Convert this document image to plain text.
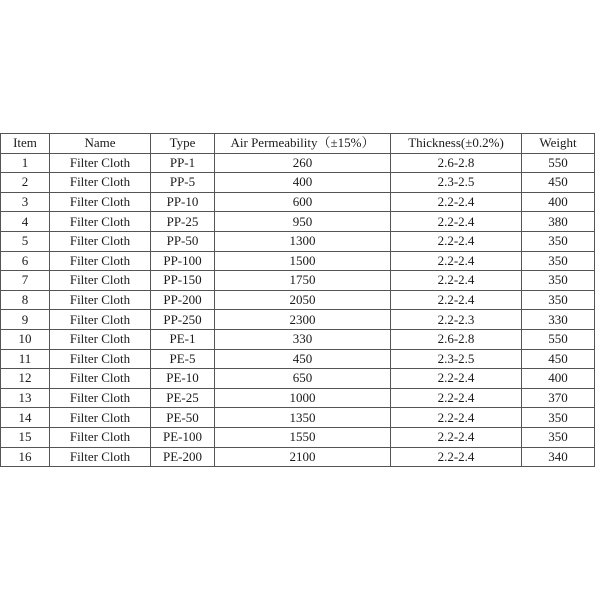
Item	Name	Type	Air Permeability（±15%）	Thickness(±0.2%)	Weight
1	Filter Cloth	PP-1	260	2.6-2.8	550
2	Filter Cloth	PP-5	400	2.3-2.5	450
3	Filter Cloth	PP-10	600	2.2-2.4	400
4	Filter Cloth	PP-25	950	2.2-2.4	380
5	Filter Cloth	PP-50	1300	2.2-2.4	350
6	Filter Cloth	PP-100	1500	2.2-2.4	350
7	Filter Cloth	PP-150	1750	2.2-2.4	350
8	Filter Cloth	PP-200	2050	2.2-2.4	350
9	Filter Cloth	PP-250	2300	2.2-2.3	330
10	Filter Cloth	PE-1	330	2.6-2.8	550
11	Filter Cloth	PE-5	450	2.3-2.5	450
12	Filter Cloth	PE-10	650	2.2-2.4	400
13	Filter Cloth	PE-25	1000	2.2-2.4	370
14	Filter Cloth	PE-50	1350	2.2-2.4	350
15	Filter Cloth	PE-100	1550	2.2-2.4	350
16	Filter Cloth	PE-200	2100	2.2-2.4	340
